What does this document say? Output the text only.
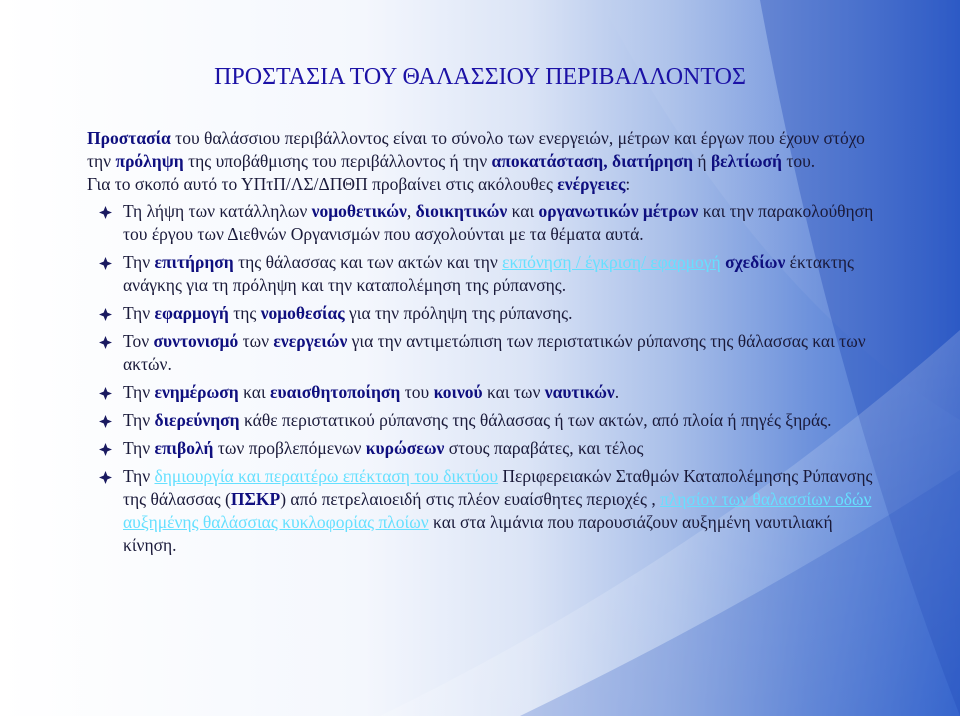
ΠΡΟΣΤΑΣΙΑ ΤΟΥ ΘΑΛΑΣΣΙΟΥ ΠΕΡΙΒΑΛΛΟΝΤΟΣ

Προστασία του θαλάσσιου περιβάλλοντος είναι το σύνολο των ενεργειών, μέτρων και έργων που έχουν στόχο την πρόληψη της υποβάθμισης του περιβάλλοντος ή την αποκατάσταση, διατήρηση ή βελτίωσή του.

Για το σκοπό αυτό το ΥΠτΠ/ΛΣ/ΔΠΘΠ προβαίνει στις ακόλουθες ενέργειες:

Τη λήψη των κατάλληλων νομοθετικών, διοικητικών και οργανωτικών μέτρων και την παρακολούθηση του έργου των Διεθνών Οργανισμών που ασχολούνται με τα θέματα αυτά.
Την επιτήρηση της θάλασσας και των ακτών και την εκπόνηση / έγκριση/ εφαρμογή σχεδίων έκτακτης ανάγκης για τη πρόληψη και την καταπολέμηση της ρύπανσης.
Την εφαρμογή της νομοθεσίας για την πρόληψη της ρύπανσης.
Τον συντονισμό των ενεργειών για την αντιμετώπιση των περιστατικών ρύπανσης της θάλασσας και των ακτών.
Την ενημέρωση και ευαισθητοποίηση του κοινού και των ναυτικών.
Την διερεύνηση κάθε περιστατικού ρύπανσης της θάλασσας ή των ακτών, από πλοία ή πηγές ξηράς.
Την επιβολή των προβλεπόμενων κυρώσεων στους παραβάτες, και τέλος
Την δημιουργία και περαιτέρω επέκταση του δικτύου Περιφερειακών Σταθμών Καταπολέμησης Ρύπανσης της θάλασσας (ΠΣΚΡ) από πετρελαιοειδή στις πλέον ευαίσθητες περιοχές , πλησίον των θαλασσίων οδών αυξημένης θαλάσσιας κυκλοφορίας πλοίων και στα λιμάνια που παρουσιάζουν αυξημένη ναυτιλιακή κίνηση.
